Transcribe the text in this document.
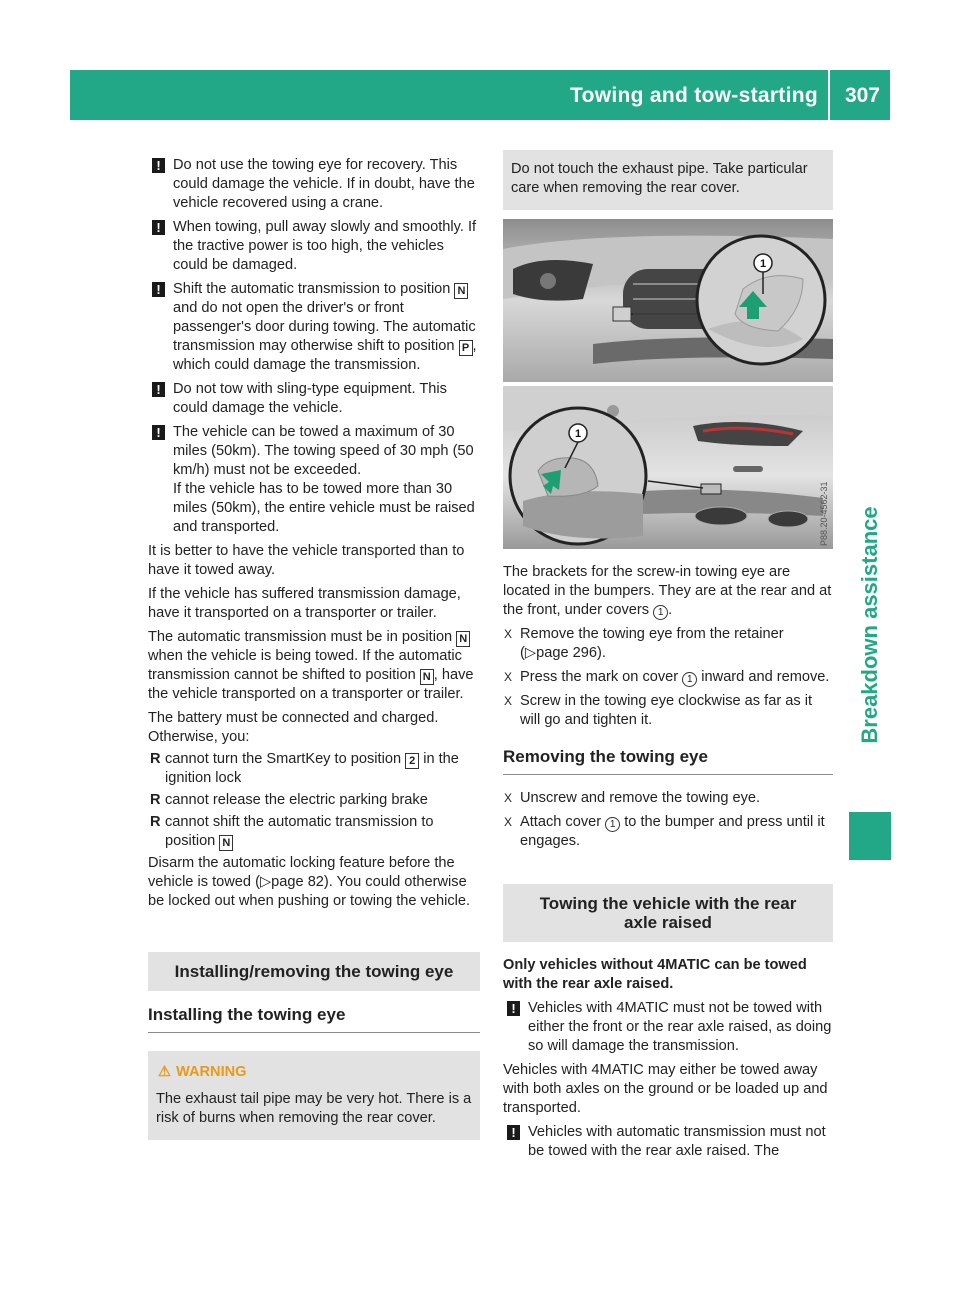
Towing and tow-starting 307
Breakdown assistance

! Do not use the towing eye for recovery. This could damage the vehicle. If in doubt, have the vehicle recovered using a crane.

! When towing, pull away slowly and smoothly. If the tractive power is too high, the vehicles could be damaged.

! Shift the automatic transmission to position N and do not open the driver's or front passenger's door during towing. The automatic transmission may otherwise shift to position P , which could damage the transmission.

! Do not tow with sling-type equipment. This could damage the vehicle.

! The vehicle can be towed a maximum of 30 miles (50km). The towing speed of 30 mph (50 km/h) must not be exceeded.

If the vehicle has to be towed more than 30 miles (50km), the entire vehicle must be raised and transported.

It is better to have the vehicle transported than to have it towed away.

If the vehicle has suffered transmission damage, have it transported on a transporter or trailer.

The automatic transmission must be in position N when the vehicle is being towed. If the automatic transmission cannot be shifted to position N , have the vehicle transported on a transporter or trailer.

The battery must be connected and charged. Otherwise, you:

R cannot turn the SmartKey to position 2 in the ignition lock

R cannot release the electric parking brake

R cannot shift the automatic transmission to position N

Disarm the automatic locking feature before the vehicle is towed (▷page 82). You could otherwise be locked out when pushing or towing the vehicle.

Installing/removing the towing eye
Installing the towing eye
⚠ WARNING
The exhaust tail pipe may be very hot. There is a risk of burns when removing the rear cover.
Do not touch the exhaust pipe. Take particular care when removing the rear cover.
1
1
P88.20-4562-31

The brackets for the screw-in towing eye are located in the bumpers. They are at the rear and at the front, under covers 1 .

X Remove the towing eye from the retainer (▷page 296).

X Press the mark on cover 1 inward and remove.

X Screw in the towing eye clockwise as far as it will go and tighten it.

Removing the towing eye

X Unscrew and remove the towing eye.

X Attach cover 1 to the bumper and press until it engages.

Towing the vehicle with the rear axle raised

Only vehicles without 4MATIC can be towed with the rear axle raised.

! Vehicles with 4MATIC must not be towed with either the front or the rear axle raised, as doing so will damage the transmission.

Vehicles with 4MATIC may either be towed away with both axles on the ground or be loaded up and transported.

! Vehicles with automatic transmission must not be towed with the rear axle raised. The
